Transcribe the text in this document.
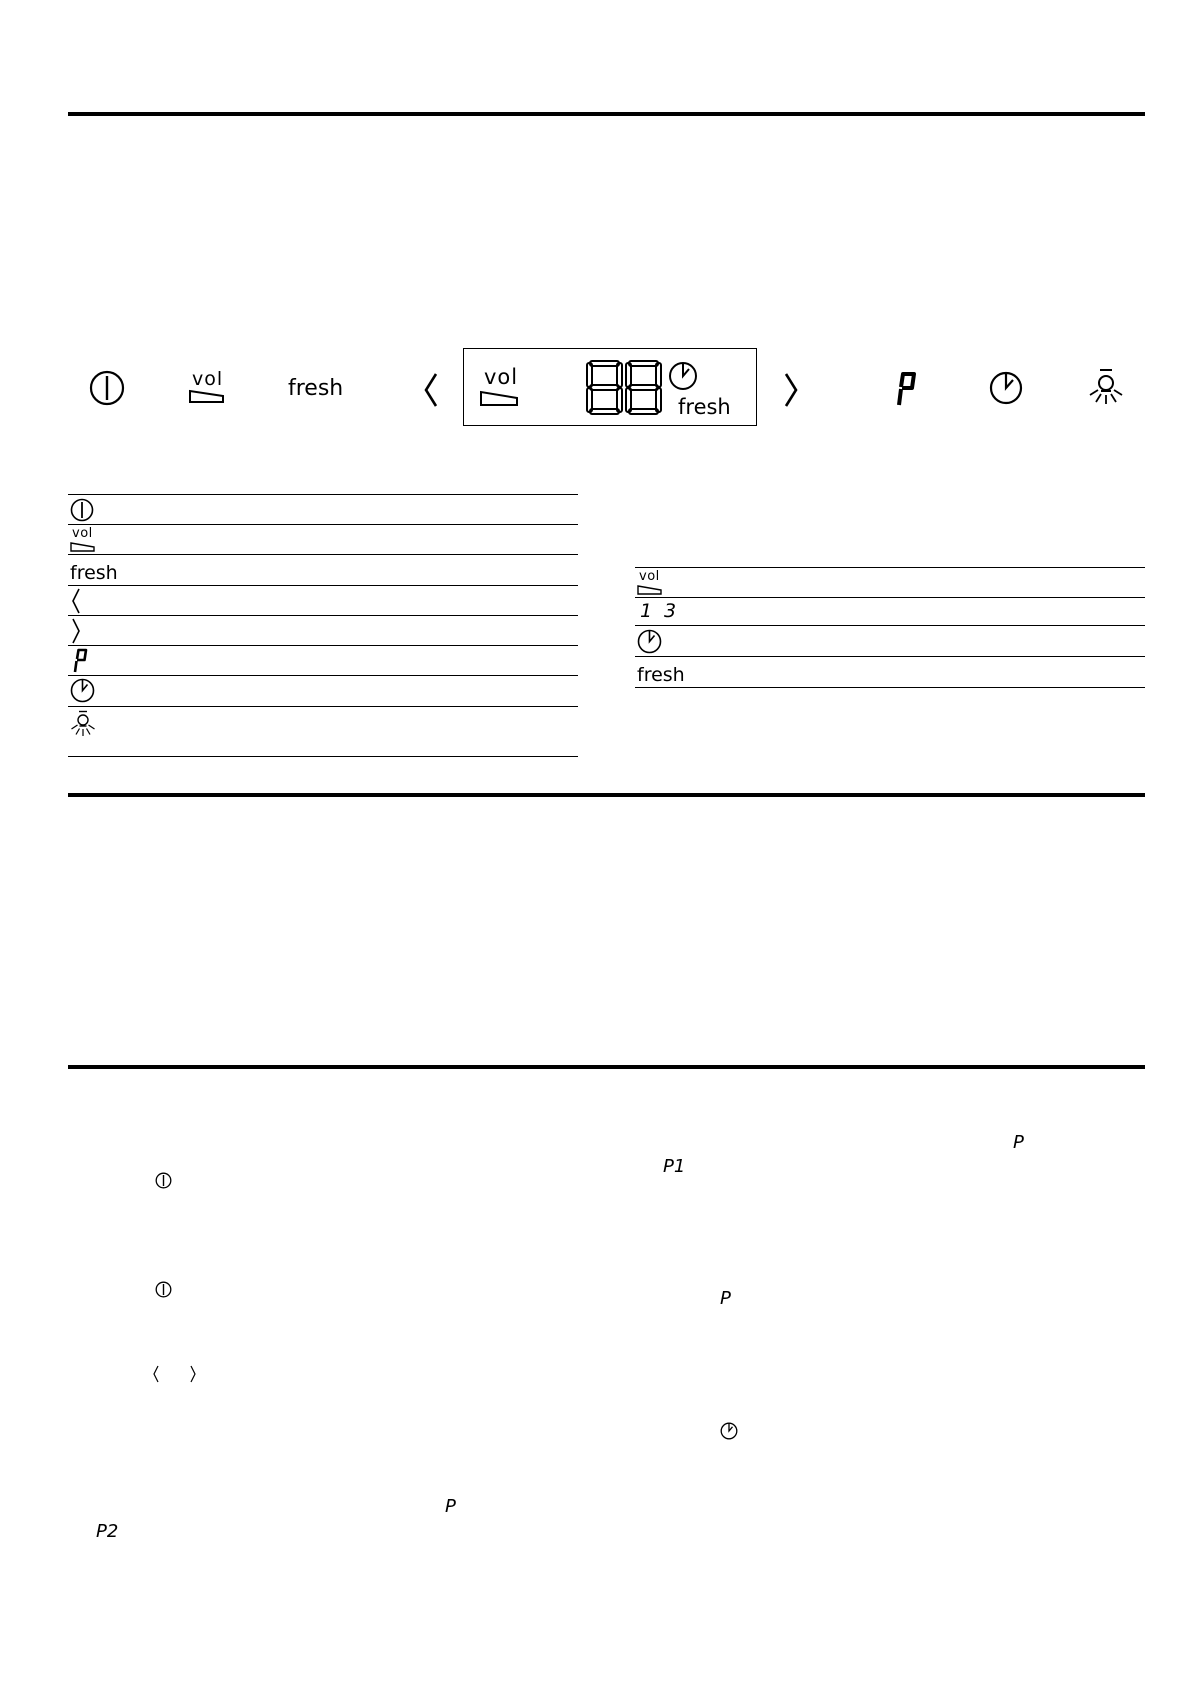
vol	fresh	vol
fresh
vol
fresh	vol
1 3
fresh
P
P2
P
P1
P
